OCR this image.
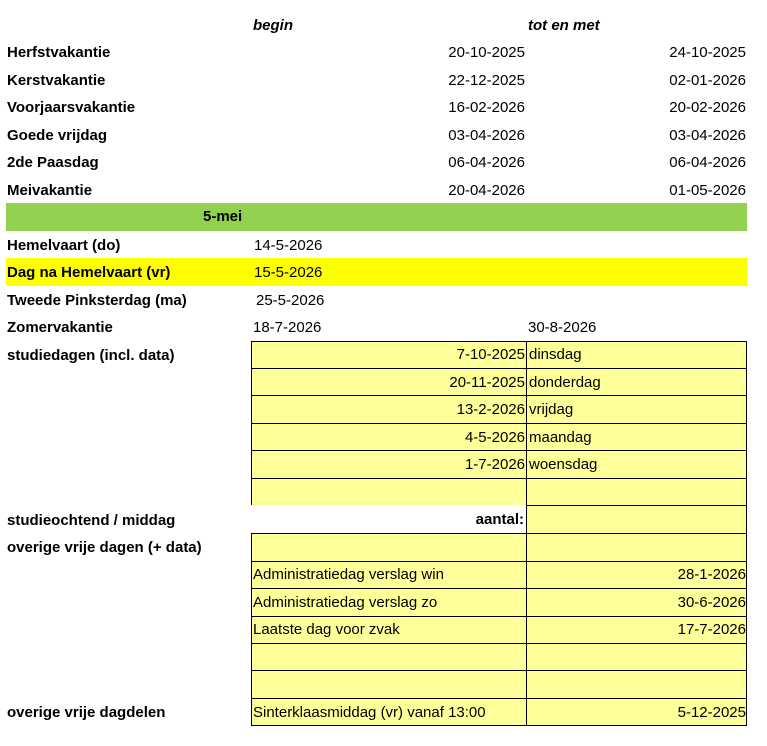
begin	tot en met
Herfstvakantie	20-10-2025	24-10-2025
Kerstvakantie	22-12-2025	02-01-2026
Voorjaarsvakantie	16-02-2026	20-02-2026
Goede vrijdag	03-04-2026	03-04-2026
2de Paasdag	06-04-2026	06-04-2026
Meivakantie	20-04-2026	01-05-2026
5-mei
Hemelvaart (do)	14-5-2026
Dag na Hemelvaart (vr)	15-5-2026
Tweede Pinksterdag (ma)	25-5-2026
Zomervakantie	18-7-2026	30-8-2026
studiedagen (incl. data)	7-10-2025 dinsdag
20-11-2025 donderdag
13-2-2026 vrijdag
4-5-2026 maandag
1-7-2026 woensdag
studieochtend / middag	aantal:
overige vrije dagen (+ data)
Administratiedag verslag win	28-1-2026
Administratiedag verslag zo	30-6-2026
Laatste dag voor zvak	17-7-2026
overige vrije dagdelen	Sinterklaasmiddag (vr) vanaf 13:00	5-12-2025
